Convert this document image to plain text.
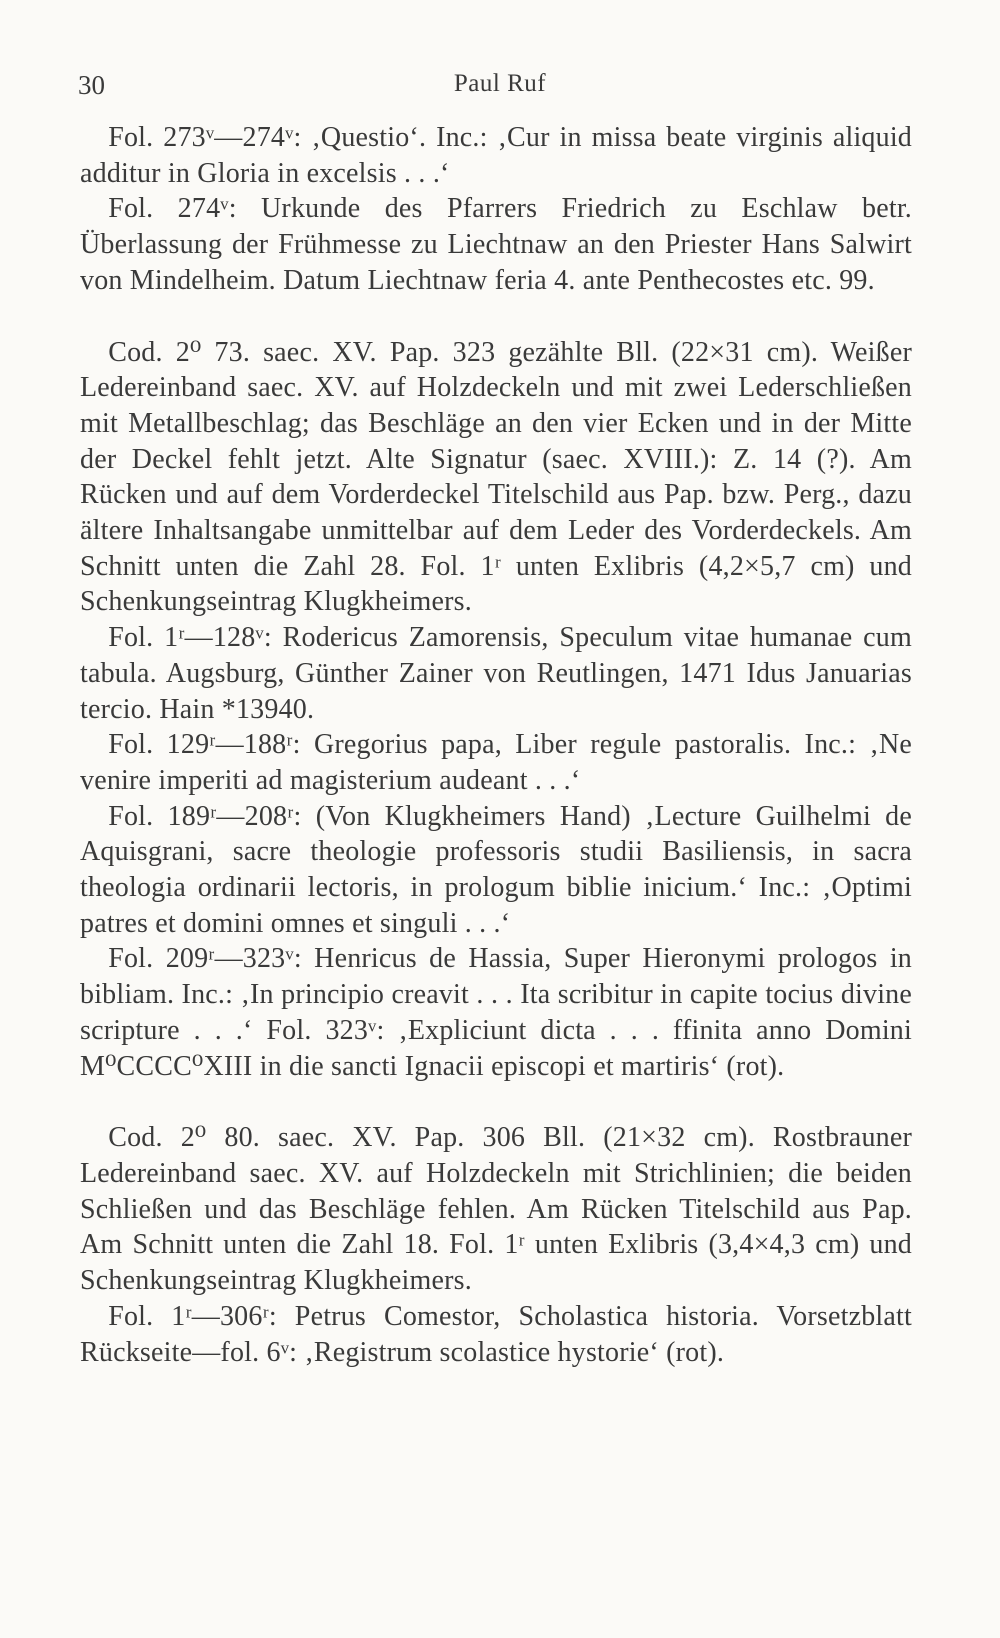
30	Paul Ruf

 Fol. 273ᵛ—274ᵛ: ‚Questio‘. Inc.: ‚Cur in missa beate virginis aliquid additur in Gloria in excelsis . . .‘

 Fol. 274ᵛ: Urkunde des Pfarrers Friedrich zu Eschlaw betr. Überlassung der Frühmesse zu Liechtnaw an den Priester Hans Salwirt von Mindelheim. Datum Liechtnaw feria 4. ante Penthecostes etc. 99.

 Cod. 2⁰ 73. saec. XV. Pap. 323 gezählte Bll. (22×31 cm). Weißer Ledereinband saec. XV. auf Holzdeckeln und mit zwei Lederschließen mit Metallbeschlag; das Beschläge an den vier Ecken und in der Mitte der Deckel fehlt jetzt. Alte Signatur (saec. XVIII.): Z. 14 (?). Am Rücken und auf dem Vorderdeckel Titelschild aus Pap. bzw. Perg., dazu ältere Inhaltsangabe unmittelbar auf dem Leder des Vorderdeckels. Am Schnitt unten die Zahl 28. Fol. 1ʳ unten Exlibris (4,2×5,7 cm) und Schenkungseintrag Klugkheimers.

 Fol. 1ʳ—128ᵛ: Rodericus Zamorensis, Speculum vitae humanae cum tabula. Augsburg, Günther Zainer von Reutlingen, 1471 Idus Januarias tercio. Hain *13940.

 Fol. 129ʳ—188ʳ: Gregorius papa, Liber regule pastoralis. Inc.: ‚Ne venire imperiti ad magisterium audeant . . .‘

 Fol. 189ʳ—208ʳ: (Von Klugkheimers Hand) ‚Lecture Guilhelmi de Aquisgrani, sacre theologie professoris studii Basiliensis, in sacra theologia ordinarii lectoris, in prologum biblie inicium.‘ Inc.: ‚Optimi patres et domini omnes et singuli . . .‘

 Fol. 209ʳ—323ᵛ: Henricus de Hassia, Super Hieronymi prologos in bibliam. Inc.: ‚In principio creavit . . . Ita scribitur in capite tocius divine scripture . . .‘ Fol. 323ᵛ: ‚Expliciunt dicta . . . ffinita anno Domini M⁰CCCC⁰XIII in die sancti Ignacii episcopi et martiris‘ (rot).

 Cod. 2⁰ 80. saec. XV. Pap. 306 Bll. (21×32 cm). Rostbrauner Ledereinband saec. XV. auf Holzdeckeln mit Strichlinien; die beiden Schließen und das Beschläge fehlen. Am Rücken Titelschild aus Pap. Am Schnitt unten die Zahl 18. Fol. 1ʳ unten Exlibris (3,4×4,3 cm) und Schenkungseintrag Klugkheimers.

 Fol. 1ʳ—306ʳ: Petrus Comestor, Scholastica historia. Vorsetzblatt Rückseite—fol. 6ᵛ: ‚Registrum scolastice hystorie‘ (rot).
